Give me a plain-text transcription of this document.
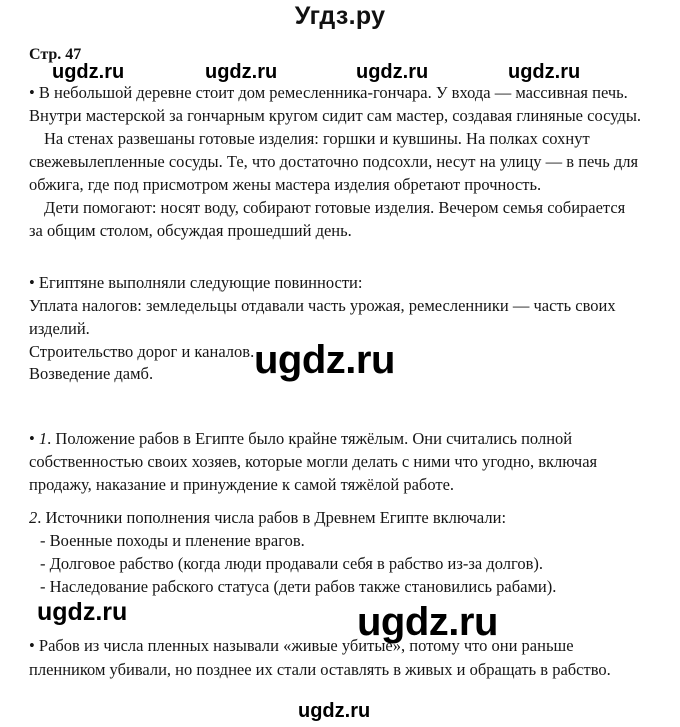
Угдз.ру
Стр. 47
ugdz.ru	ugdz.ru	ugdz.ru	ugdz.ru
• В небольшой деревне стоит дом ремесленника-гончара. У входа — массивная печь.
Внутри мастерской за гончарным кругом сидит сам мастер, создавая глиняные сосуды.
На стенах развешаны готовые изделия: горшки и кувшины. На полках сохнут
свежевылепленные сосуды. Те, что достаточно подсохли, несут на улицу — в печь для
обжига, где под присмотром жены мастера изделия обретают прочность.
Дети помогают: носят воду, собирают готовые изделия. Вечером семья собирается
за общим столом, обсуждая прошедший день.
• Египтяне выполняли следующие повинности:
Уплата налогов: земледельцы отдавали часть урожая, ремесленники — часть своих
изделий.
Строительство дорог и каналов.
Возведение дамб.	ugdz.ru
• 1. Положение рабов в Египте было крайне тяжёлым. Они считались полной
собственностью своих хозяев, которые могли делать с ними что угодно, включая
продажу, наказание и принуждение к самой тяжёлой работе.
2. Источники пополнения числа рабов в Древнем Египте включали:
- Военные походы и пленение врагов.
- Долговое рабство (когда люди продавали себя в рабство из-за долгов).
- Наследование рабского статуса (дети рабов также становились рабами).
ugdz.ru	ugdz.ru
• Рабов из числа пленных называли «живые убитые», потому что они раньше
пленником убивали, но позднее их стали оставлять в живых и обращать в рабство.
ugdz.ru
